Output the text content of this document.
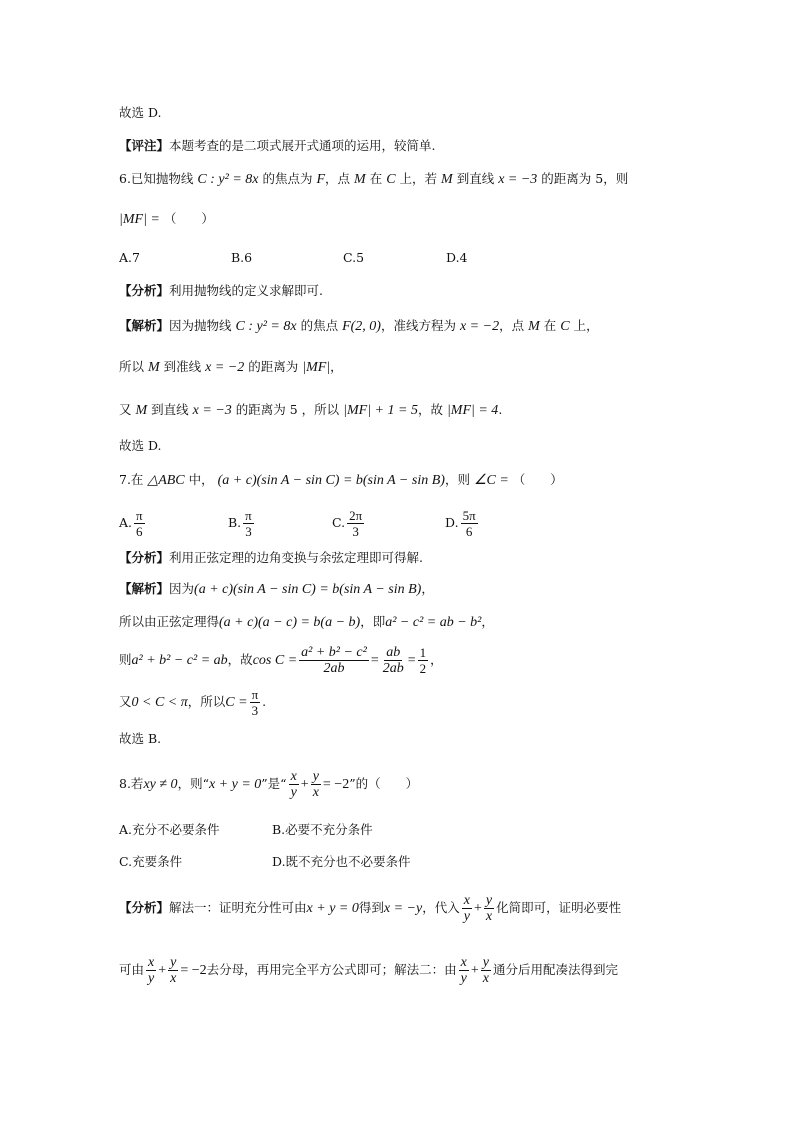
故选 D.
【评注】本题考查的是二项式展开式通项的运用，较简单.
6.已知抛物线 C : y² = 8x 的焦点为 F，点 M 在 C 上，若 M 到直线 x = −3 的距离为 5，则
|MF| = （　　）
A.7	B.6	C.5	D.4
【分析】利用抛物线的定义求解即可.
【解析】因为抛物线 C : y² = 8x 的焦点 F(2, 0)，准线方程为 x = −2，点 M 在 C 上，
所以 M 到准线 x = −2 的距离为 |MF|，
又 M 到直线 x = −3 的距离为 5 ，所以 |MF| + 1 = 5，故 |MF| = 4.
故选 D.
7.在 △ABC 中， (a + c)(sin A − sin C) = b(sin A − sin B)，则 ∠C = （　　）
A. $\frac{\pi}{6}$	B. $\frac{\pi}{3}$	C. $\frac{2\pi}{3}$	D. $\frac{5\pi}{6}$
【分析】利用正弦定理的边角变换与余弦定理即可得解.
【解析】因为(a + c)(sin A − sin C) = b(sin A − sin B)，
所以由正弦定理得(a + c)(a − c) = b(a − b)，即a² − c² = ab − b²，
则a² + b² − c² = ab，故$\cos C = \frac{\text{a² + b² − c²}}{2ab} = \frac{ab}{2ab} = \frac{1}{2}$ ，
又0 < C < π，所以$C = \frac{\pi}{3}$ .
故选 B.
8.若xy ≠ 0，则“x + y = 0”是“ $\frac{x}{y} + \frac{y}{x} = -2$”的（　　）
A.充分不必要条件	B.必要不充分条件
C.充要条件	D.既不充分也不必要条件
【分析】解法一：证明充分性可由x + y = 0得到x = −y，代入 $\frac{x}{y} + \frac{y}{x}$ 化简即可，证明必要性
可由 $\frac{x}{y} + \frac{y}{x} = -2$去分母，再用完全平方公式即可；解法二：由 $\frac{x}{y} + \frac{y}{x}$ 通分后用配凑法得到完
